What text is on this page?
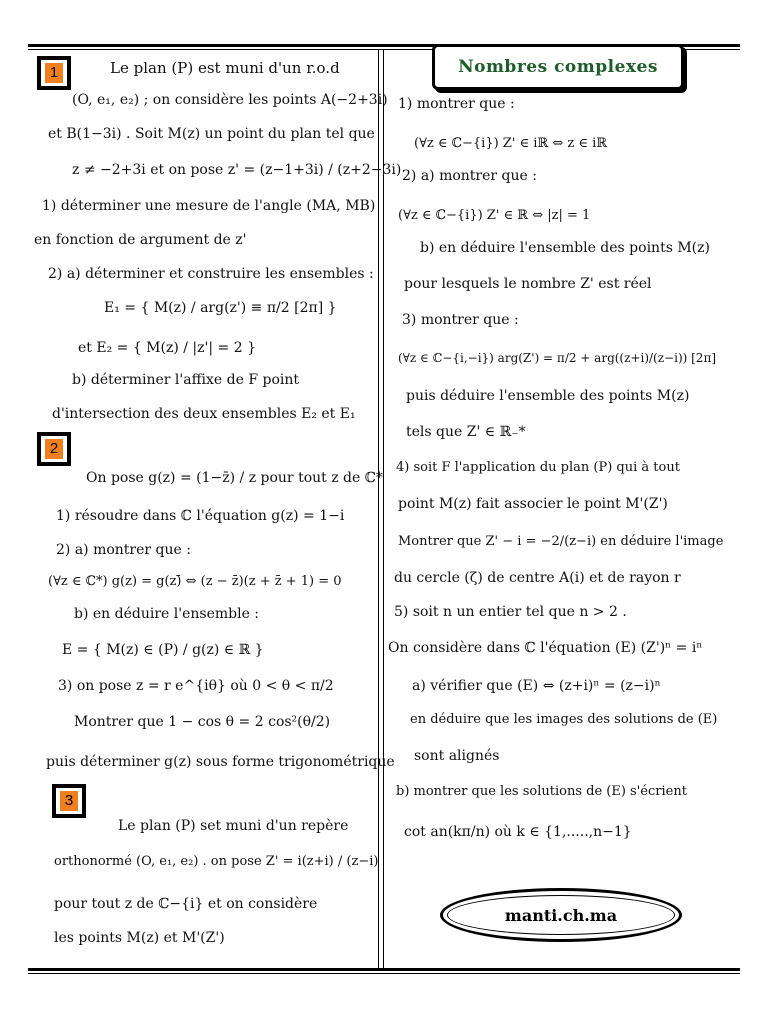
Nombres complexes
manti.ch.ma
1
2
3
Le plan (P) est muni d'un r.o.d
(O, e₁, e₂) ; on considère les points A(−2+3i)
et B(1−3i) . Soit M(z) un point du plan tel que
z ≠ −2+3i et on pose z' = (z−1+3i) / (z+2−3i)
1) déterminer une mesure de l'angle (MA, MB)
en fonction de argument de z'
2) a) déterminer et construire les ensembles :
E₁ = { M(z) / arg(z') ≡ π/2 [2π] }
et E₂ = { M(z) / |z'| = 2 }
b) déterminer l'affixe de F point
d'intersection des deux ensembles E₂ et E₁
On pose g(z) = (1−z̄) / z pour tout z de ℂ*
1) résoudre dans ℂ l'équation g(z) = 1−i
2) a) montrer que :
(∀z ∈ ℂ*) g(z) = g(z)̄ ⇔ (z − z̄)(z + z̄ + 1) = 0
b) en déduire l'ensemble :
E = { M(z) ∈ (P) / g(z) ∈ ℝ }
3) on pose z = r e^{iθ} où 0 < θ < π/2
Montrer que 1 − cos θ = 2 cos²(θ/2)
puis déterminer g(z) sous forme trigonométrique
Le plan (P) set muni d'un repère
orthonormé (O, e₁, e₂) . on pose Z' = i(z+i) / (z−i)
pour tout z de ℂ−{i} et on considère
les points M(z) et M'(Z')
1) montrer que :
(∀z ∈ ℂ−{i}) Z' ∈ iℝ ⇔ z ∈ iℝ
2) a) montrer que :
(∀z ∈ ℂ−{i}) Z' ∈ ℝ ⇔ |z| = 1
b) en déduire l'ensemble des points M(z)
pour lesquels le nombre Z' est réel
3) montrer que :
(∀z ∈ ℂ−{i,−i}) arg(Z') = π/2 + arg((z+i)/(z−i)) [2π]
puis déduire l'ensemble des points M(z)
tels que Z' ∈ ℝ₋*
4) soit F l'application du plan (P) qui à tout
point M(z) fait associer le point M'(Z')
Montrer que Z' − i = −2/(z−i) en déduire l'image
du cercle (ζ) de centre A(i) et de rayon r
5) soit n un entier tel que n > 2 .
On considère dans ℂ l'équation (E) (Z')ⁿ = iⁿ
a) vérifier que (E) ⇔ (z+i)ⁿ = (z−i)ⁿ
en déduire que les images des solutions de (E)
sont alignés
b) montrer que les solutions de (E) s'écrient
cot an(kπ/n) où k ∈ {1,.....,n−1}
